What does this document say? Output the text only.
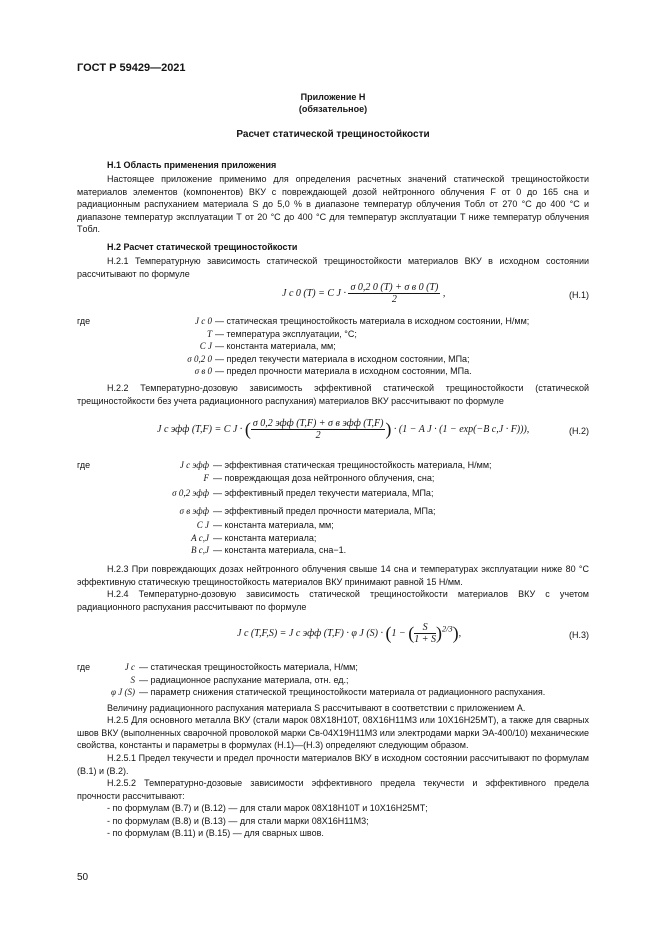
ГОСТ Р 59429—2021
Приложение Н
(обязательное)
Расчет статической трещиностойкости
Н.1 Область применения приложения
Настоящее приложение применимо для определения расчетных значений статической трещиностойкости материалов элементов (компонентов) ВКУ с повреждающей дозой нейтронного облучения F от 0 до 165 сна и радиационным распуханием материала S до 5,0 % в диапазоне температур облучения Tобл от 270 °С до 400 °С и диапазоне температур эксплуатации T от 20 °С до 400 °С для температур эксплуатации T ниже температур облучения Tобл.
Н.2 Расчет статической трещиностойкости
Н.2.1 Температурную зависимость статической трещиностойкости материалов ВКУ в исходном состоянии рассчитывают по формуле
J c 0 (T) = C J ·
σ 0,2 0 (T) + σ в 0 (T)
2
,	(Н.1)
где	J c 0 — статическая трещиностойкость материала в исходном состоянии, Н/мм;
T — температура эксплуатации, °С;
C J — константа материала, мм;
σ 0,2 0 — предел текучести материала в исходном состоянии, МПа;
σ в 0 — предел прочности материала в исходном состоянии, МПа.
Н.2.2 Температурно-дозовую зависимость эффективной статической трещиностойкости (статической трещиностойкости без учета радиационного распухания) материалов ВКУ рассчитывают по формуле
J c эфф (T,F) = C J · ( σ 0,2 эфф (T,F) + σ в эфф (T,F)
2	) · (1 − A J · (1 − exp(−B c,J · F))),	(Н.2)
где	J c эфф — эффективная статическая трещиностойкость материала, Н/мм;
F — повреждающая доза нейтронного облучения, сна;
σ 0,2 эфф — эффективный предел текучести материала, МПа;
σ в эфф — эффективный предел прочности материала, МПа;
C J — константа материала, мм;
A c,J — константа материала;
B c,J — константа материала, сна−1.
Н.2.3 При повреждающих дозах нейтронного облучения свыше 14 сна и температурах эксплуатации ниже 80 °С эффективную статическую трещиностойкость материалов ВКУ принимают равной 15 Н/мм.
Н.2.4 Температурно-дозовую зависимость статической трещиностойкости материалов ВКУ с учетом радиационного распухания рассчитывают по формуле
J c (T,F,S) = J c эфф (T,F) · φ J (S) · (1 − ( $\frac{S}{1 + S} )^{2/3}$),	(Н.3)
где	J c — статическая трещиностойкость материала, Н/мм;
S — радиационное распухание материала, отн. ед.;
φ J (S) — параметр снижения статической трещиностойкости материала от радиационного распухания.
Величину радиационного распухания материала S рассчитывают в соответствии с приложением А.
Н.2.5 Для основного металла ВКУ (стали марок 08Х18Н10Т, 08Х16Н11М3 или 10Х16Н25МТ), а также для сварных швов ВКУ (выполненных сварочной проволокой марки Св-04Х19Н11М3 или электродами марки ЭА-400/10) механические свойства, константы и параметры в формулах (Н.1)—(Н.3) определяют следующим образом.
Н.2.5.1 Предел текучести и предел прочности материалов ВКУ в исходном состоянии рассчитывают по формулам (В.1) и (В.2).
Н.2.5.2 Температурно-дозовые зависимости эффективного предела текучести и эффективного предела прочности рассчитывают:
- по формулам (В.7) и (В.12) — для стали марок 08Х18Н10Т и 10Х16Н25МТ;
- по формулам (В.8) и (В.13) — для стали марки 08Х16Н11М3;
- по формулам (В.11) и (В.15) — для сварных швов.
50
